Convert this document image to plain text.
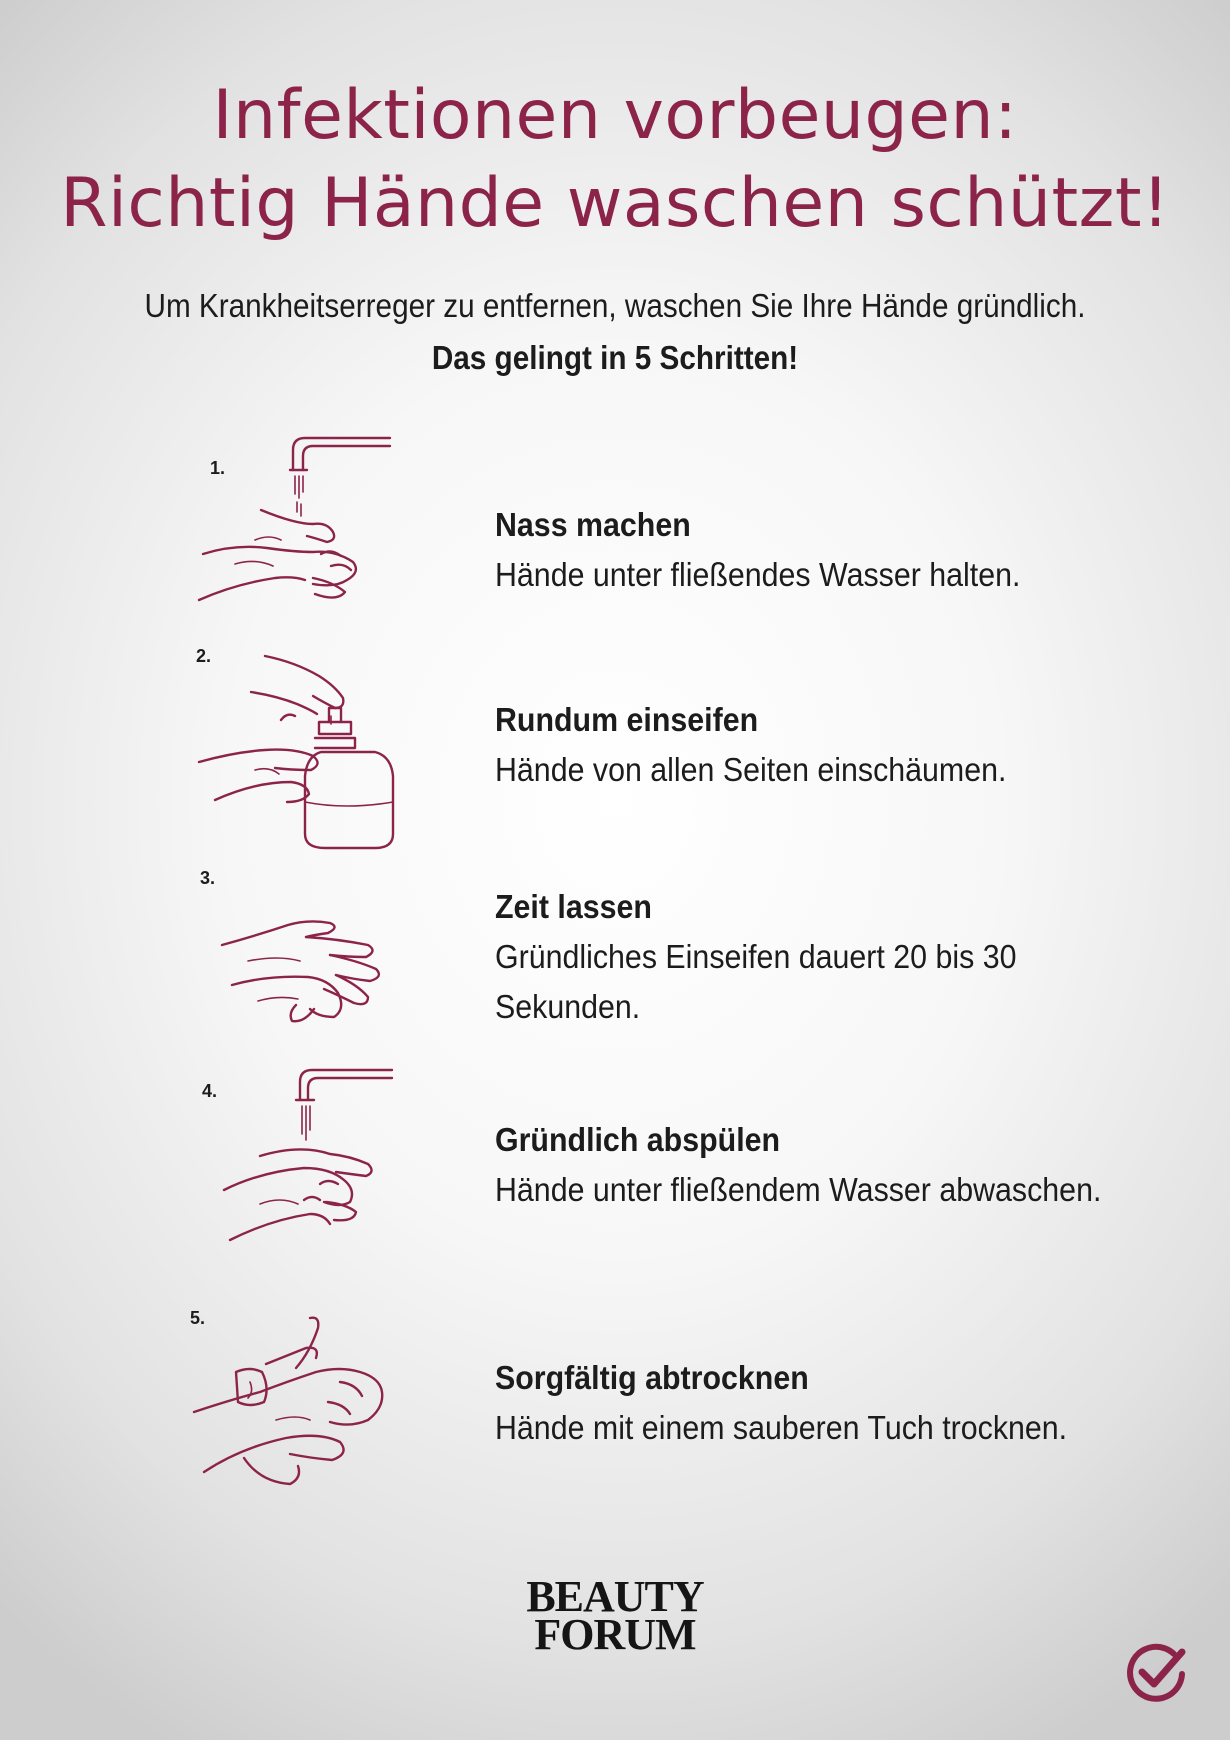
Infektionen vorbeugen:
Richtig Hände waschen schützt!
Um Krankheitserreger zu entfernen, waschen Sie Ihre Hände gründlich.
Das gelingt in 5 Schritten!
1.
Nass machen
Hände unter fließendes Wasser halten.
2.
Rundum einseifen
Hände von allen Seiten einschäumen.
3.
Zeit lassen
Gründliches Einseifen dauert 20 bis 30 Sekunden.
4.
Gründlich abspülen
Hände unter fließendem Wasser abwaschen.
5.
Sorgfältig abtrocknen
Hände mit einem sauberen Tuch trocknen.
BEAUTY
FORUM
